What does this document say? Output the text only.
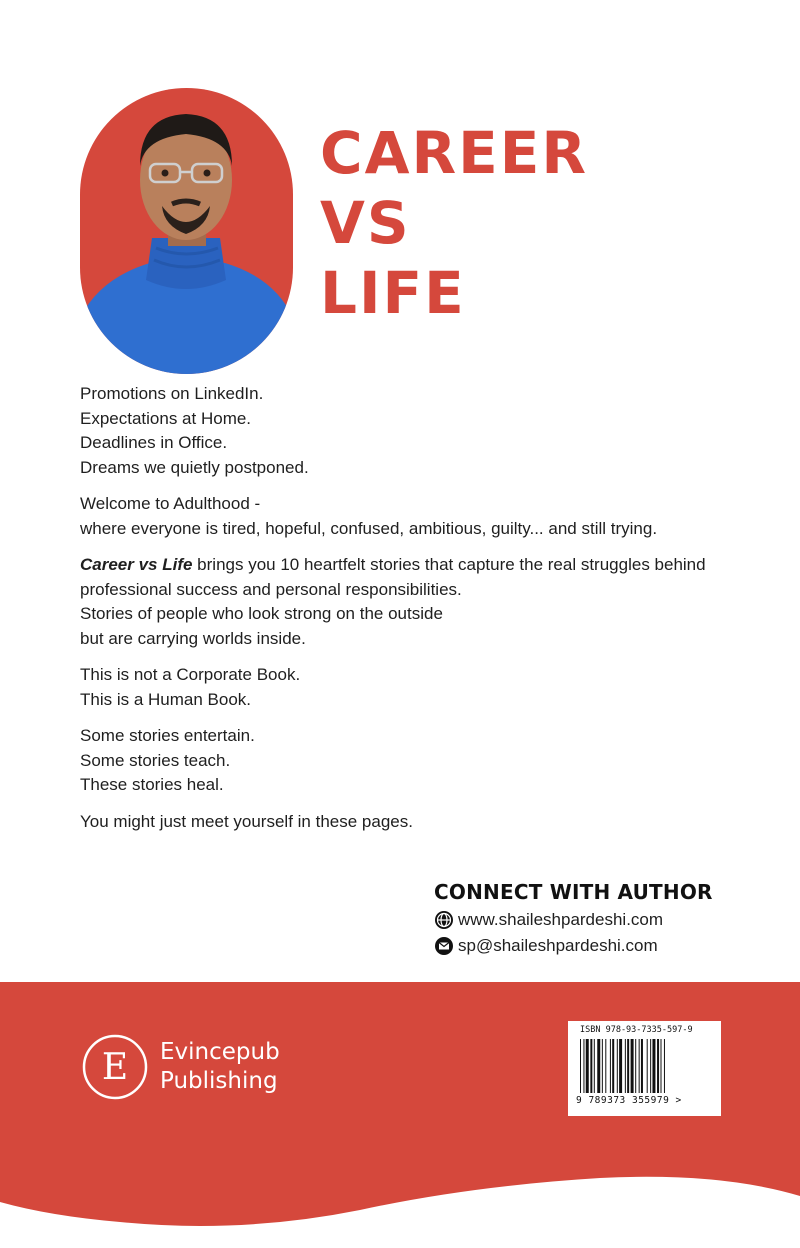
CAREER
VS
LIFE

Promotions on LinkedIn.
Expectations at Home.
Deadlines in Office.
Dreams we quietly postponed.

Welcome to Adulthood -
where everyone is tired, hopeful, confused, ambitious, guilty... and still trying.

Career vs Life brings you 10 heartfelt stories that capture the real struggles behind professional success and personal responsibilities.
Stories of people who look strong on the outside
but are carrying worlds inside.

This is not a Corporate Book.
This is a Human Book.

Some stories entertain.
Some stories teach.
These stories heal.

You might just meet yourself in these pages.

CONNECT WITH AUTHOR
www.shaileshpardeshi.com
sp@shaileshpardeshi.com
E Evincepub
Publishing
ISBN 978-93-7335-597-9
9 789373 355979 >
